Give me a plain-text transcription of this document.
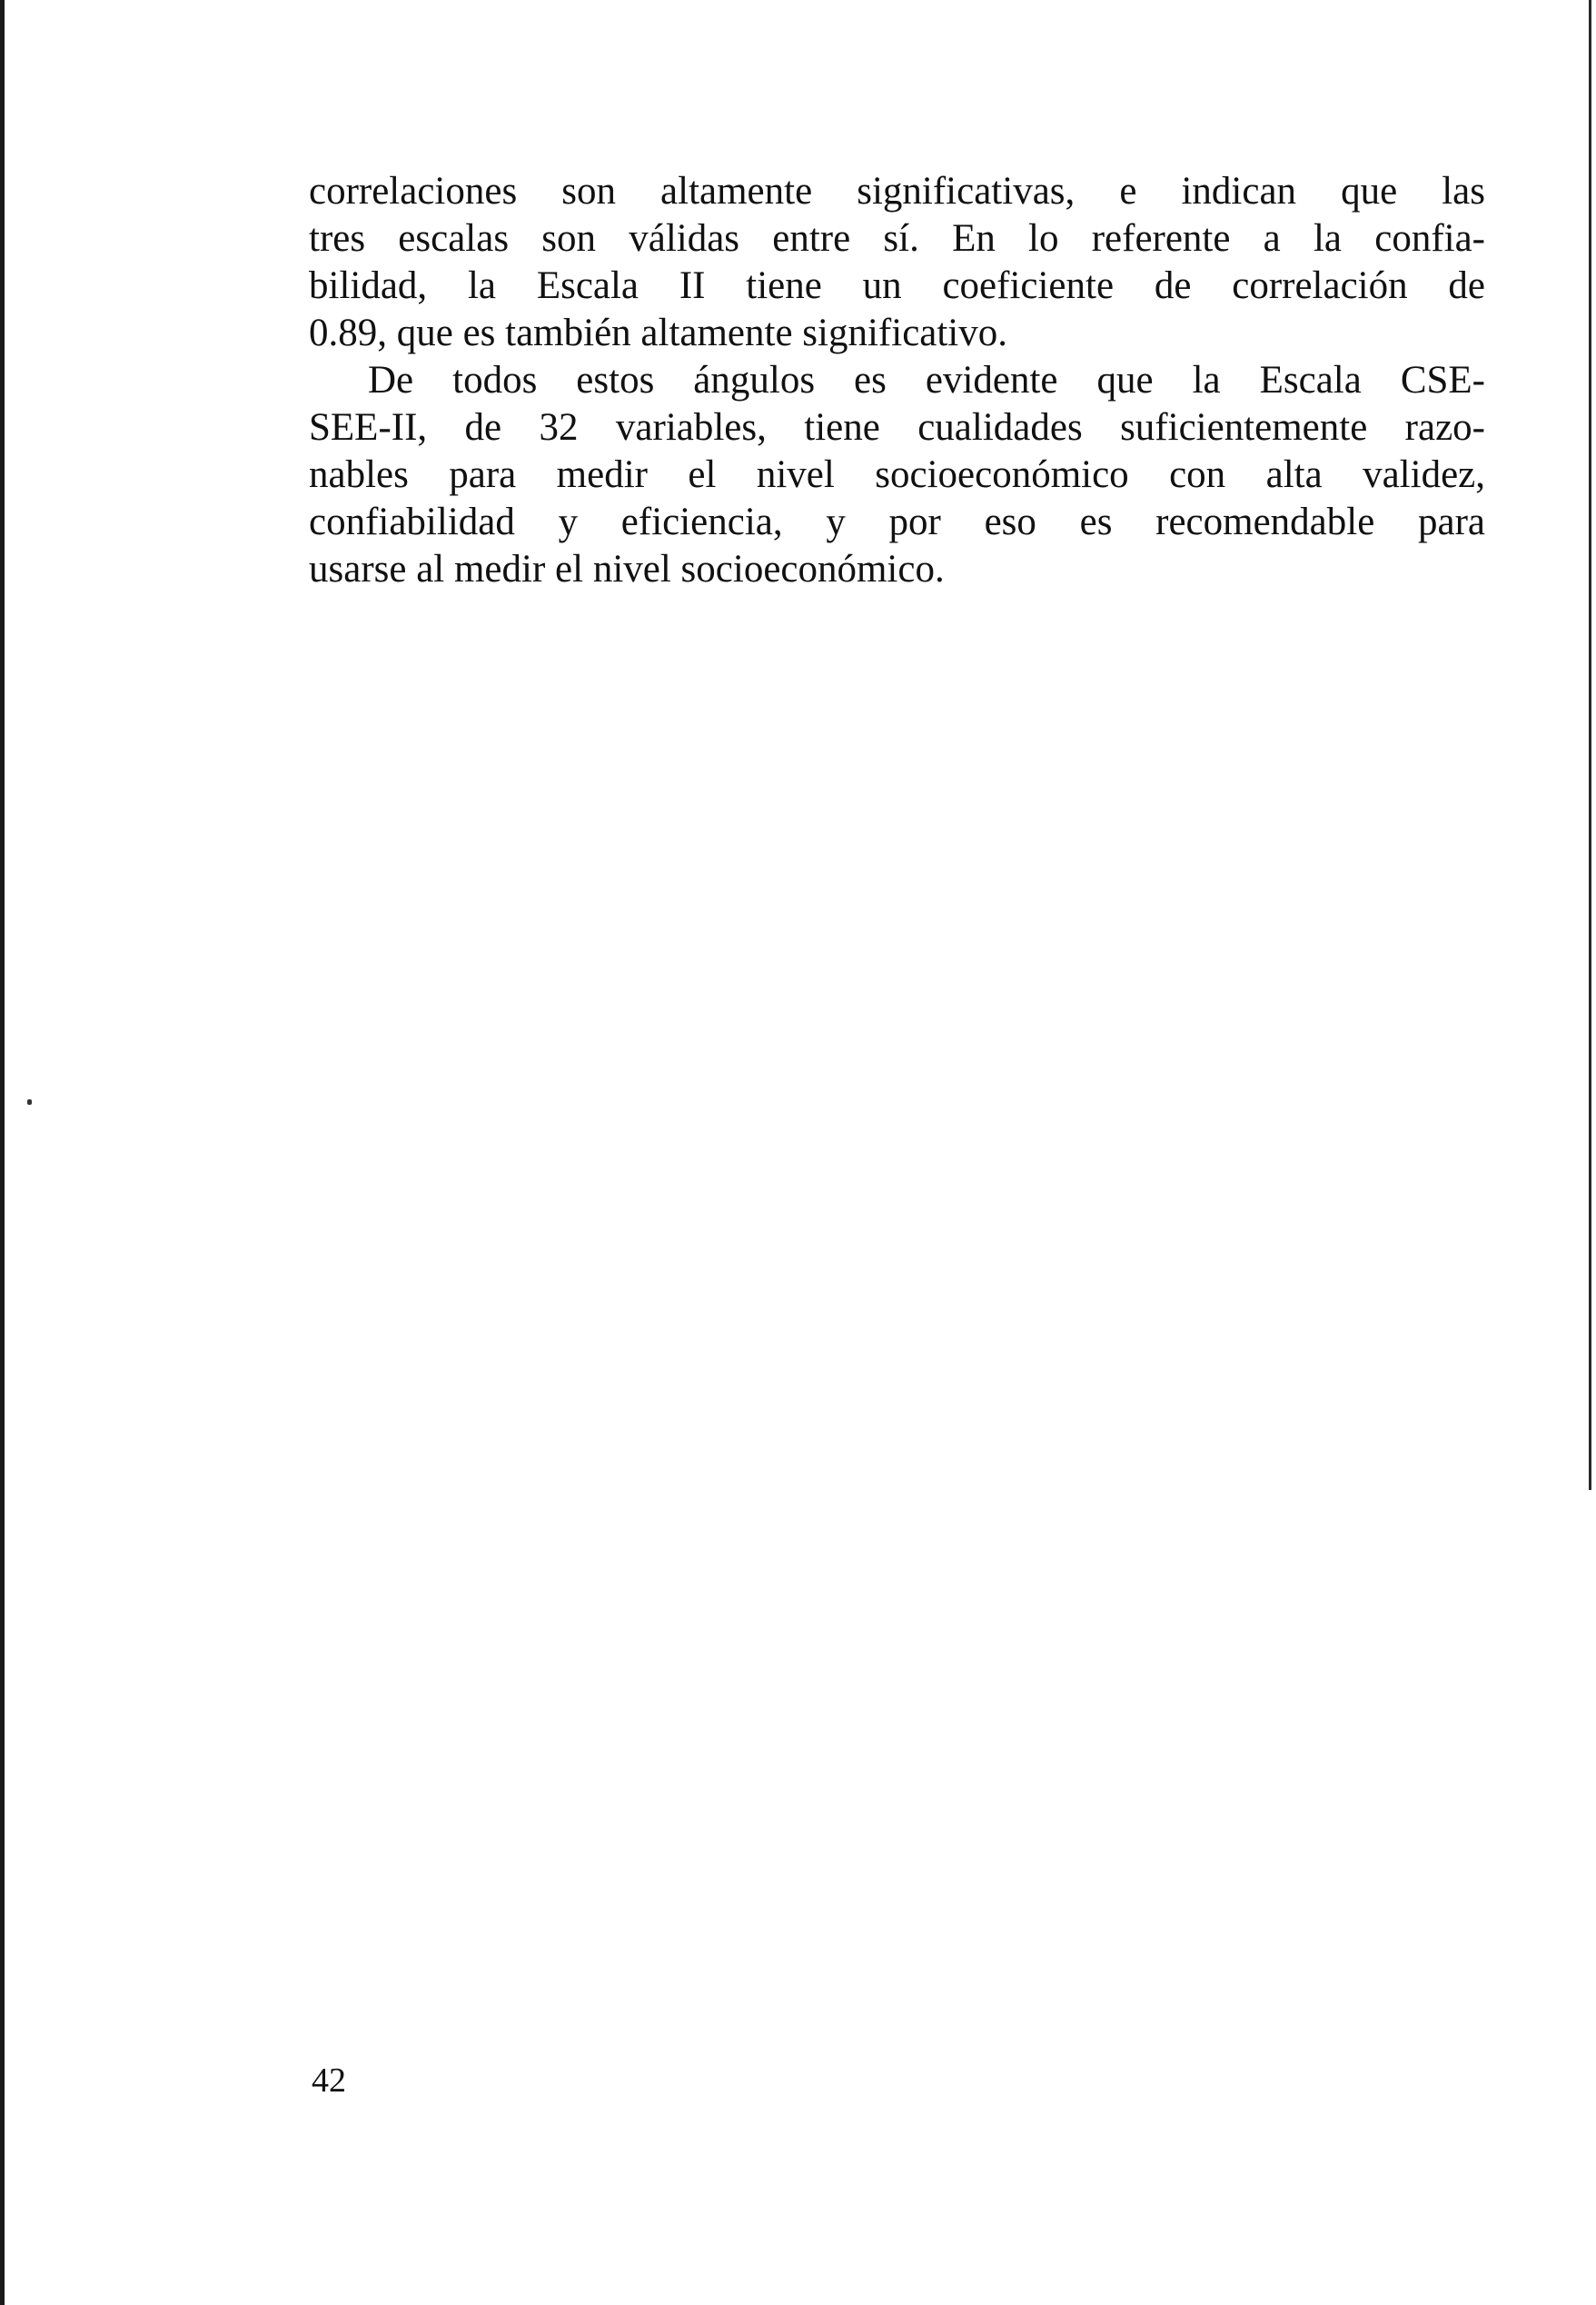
correlaciones son altamente significativas, e indican que las
tres escalas son válidas entre sí. En lo referente a la confia-
bilidad, la Escala II tiene un coeficiente de correlación de
0.89, que es también altamente significativo.

De todos estos ángulos es evidente que la Escala CSE-
SEE-II, de 32 variables, tiene cualidades suficientemente razo-
nables para medir el nivel socioeconómico con alta validez,
confiabilidad y eficiencia, y por eso es recomendable para
usarse al medir el nivel socioeconómico.

42
